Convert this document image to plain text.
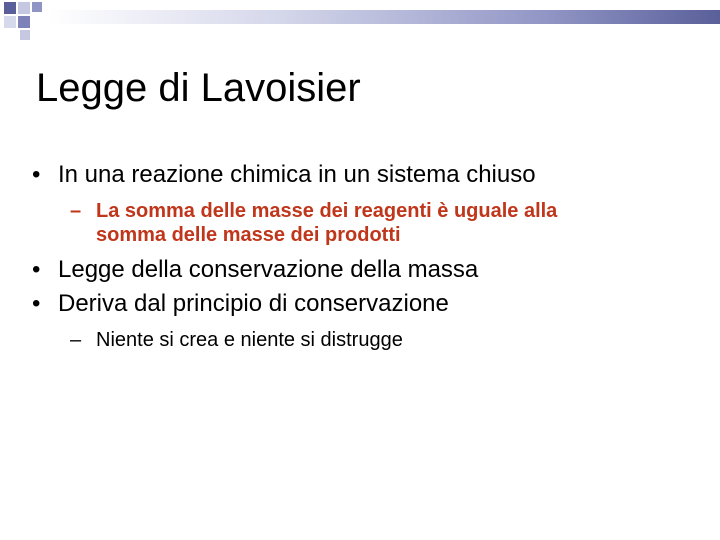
Legge di Lavoisier
• In una reazione chimica in un sistema chiuso
– La somma delle masse dei reagenti è uguale alla
somma delle masse dei prodotti
• Legge della conservazione della massa
• Deriva dal principio di conservazione
– Niente si crea e niente si distrugge
